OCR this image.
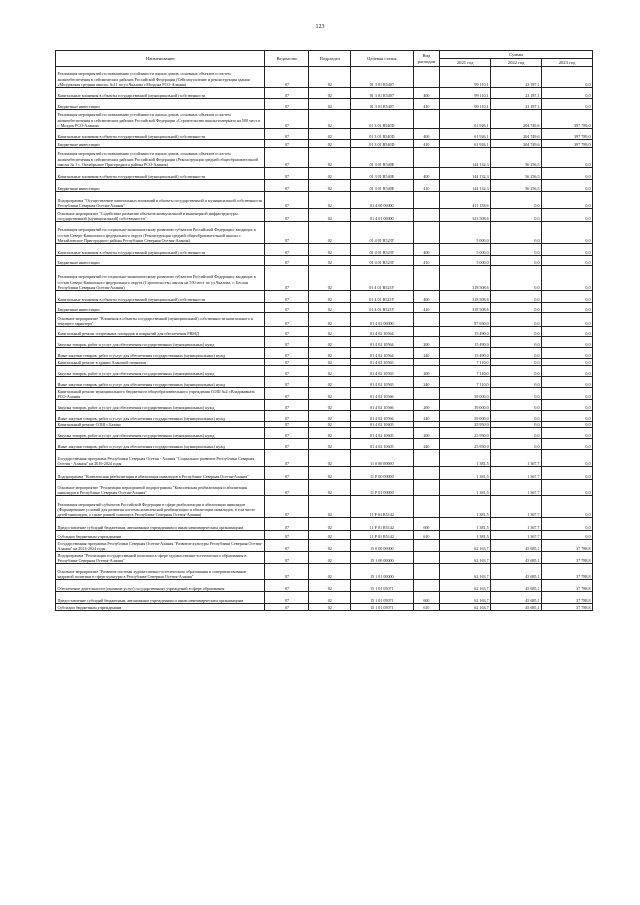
123
Наименование	Ведомство	Подраздел	Целевая статья	Вид расходов	Суммы		
					2021 год	2022 год	2023 год
Реализация мероприятий по повышению устойчивости жилых домов, основных объектов и систем жизнеобеспечения в сейсмических районах Российской Федерации (Сейсмоусиление и реконструкция здания «Моздокская средняя школа» №11 по ул.Чкалова г.Моздока РСО-Алания)	07	02	01 3 01 R5407		99 110,1	23 187,1	0,0
Капитальные вложения в объекты государственной (муниципальной) собственности	07	02	01 3 01 R5407	400	99 110,1	23 187,1	0,0
Бюджетные инвестиции	07	02	01 3 01 R5407	410	99 110,1	23 187,1	0,0
Реализация мероприятий по повышению устойчивости жилых домов, основных объектов и систем жизнеобеспечения в сейсмических районах Российской Федерации «Строительство школы-интерната на 500 мест в г. Моздок РСО-Алания»	07	02	01 3 01 R540D		61 926,1	204 749,6	397 789,0
Капитальные вложения в объекты государственной (муниципальной) собственности	07	02	01 3 01 R540D	400	61 926,1	204 749,6	397 789,0
Бюджетные инвестиции	07	02	01 3 01 R540D	410	61 926,1	204 749,6	397 789,0
Реализация мероприятий по повышению устойчивости жилых домов, основных объектов и систем жизнеобеспечения в сейсмических районах Российской Федерации (Реконструкция средней общеобразовательной школы № 1 с. Октябрьское Пригородного района РСО-Алания)	07	02	01 3 01 R540E		144 132,3	56 256,5	0,0
Капитальные вложения в объекты государственной (муниципальной) собственности	07	02	01 3 01 R540E	400	144 132,3	56 256,5	0,0
Бюджетные инвестиции	07	02	01 3 01 R540E	410	144 132,3	56 256,5	0,0
Подпрограмма "Осуществление капитальных вложений в объекты государственной и муниципальной собственности Республики Северная Осетия-Алания"	07	02	01 4 00 00000		411 158,6	0,0	0,0
Основное мероприятие "Содействие развитию объектов коммунальной и инженерной инфраструктуры государственной (муниципальной) собственности"	07	02	01 4 01 00000		323 508,6	0,0	0,0
Реализация мероприятий по социально-экономическому развитию субъектов Российской Федерации, входящих в состав Северо-Кавказского федерального округа (Реконструкция средней общеобразовательной школы с. Михайловское Пригородного района Республики Северная Осетия-Алания)	07	02	01 4 01 R523Т		5 000,0	0,0	0,0
Капитальные вложения в объекты государственной (муниципальной) собственности	07	02	01 4 01 R523Т	400	5 000,0	0,0	0,0
Бюджетные инвестиции	07	02	01 4 01 R523Т	410	5 000,0	0,0	0,0
Реализация мероприятий по социально-экономическому развитию субъектов Российской Федерации, входящих в состав Северо-Кавказского федерального округа (Строительство школы на 550 мест по ул.Чкалова, с. Беслан Республики Северная Осетия-Алания)	07	02	01 4 01 R523У		318 508,6	0,0	0,0
Капитальные вложения в объекты государственной (муниципальной) собственности	07	02	01 4 01 R523У	400	318 508,6	0,0	0,0
Бюджетные инвестиции	07	02	01 4 01 R523У	410	318 508,6	0,0	0,0
Основное мероприятие "Вложения в объекты государственной (муниципальной) собственности капитального и текущего характера"	07	02	01 4 02 00000		87 650,0	0,0	0,0
Капитальный ремонт спортивных площадок и покрытий для обеспечения РВМД	07	02	01 4 02 10564		15 490,0	0,0	0,0
Закупка товаров, работ и услуг для обеспечения государственных (муниципальных) нужд	07	02	01 4 02 10564	200	15 490,0	0,0	0,0
Иные закупки товаров, работ и услуг для обеспечения государственных (муниципальных) нужд	07	02	01 4 02 10564	240	15 490,0	0,0	0,0
Капитальный ремонт в здании Аланской гимназии	07	02	01 4 02 10565		7 110,0	0,0	0,0
Закупка товаров, работ и услуг для обеспечения государственных (муниципальных) нужд	07	02	01 4 02 10565	200	7 110,0	0,0	0,0
Иные закупки товаров, работ и услуг для обеспечения государственных (муниципальных) нужд	07	02	01 4 02 10565	240	7 110,0	0,0	0,0
Капитальный ремонт муниципального бюджетного общеобразовательного учреждения СОШ №2 г.Владикавказа РСО-Алания	07	02	01 4 02 10566		39 000,0	0,0	0,0
Закупка товаров, работ и услуг для обеспечения государственных (муниципальных) нужд	07	02	01 4 02 10566	200	39 000,0	0,0	0,0
Иные закупки товаров, работ и услуг для обеспечения государственных (муниципальных) нужд	07	02	01 4 02 10566	240	39 000,0	0,0	0,0
Капитальный ремонт СОШ с.Батако	07	02	01 4 02 10605		25 950,0	0,0	0,0
Закупка товаров, работ и услуг для обеспечения государственных (муниципальных) нужд	07	02	01 4 02 10605	200	25 950,0	0,0	0,0
Иные закупки товаров, работ и услуг для обеспечения государственных (муниципальных) нужд	07	02	01 4 02 10605	240	25 950,0	0,0	0,0
Государственная программа Республики Северная Осетия - Алания "Социальное развитие Республики Северная Осетия - Алания" на 2016-2024 годы	07	02	11 0 00 00000		1 381,5	1 367,7	0,0
Подпрограмма "Комплексная реабилитация и абилитация инвалидов в Республике Северная Осетия-Алания"	07	02	11 Р 00 00000		1 381,5	1 367,7	0,0
Основное мероприятие "Реализация мероприятий подпрограммы "Комплексная реабилитация и абилитация инвалидов в Республике Северная Осетия-Алания"	07	02	11 Р 01 00000		1 381,5	1 367,7	0,0
Реализация мероприятий субъектов Российской Федерации в сфере реабилитации и абилитации инвалидов (Формирование условий для развития системы комплексной реабилитации и абилитации инвалидов, в том числе детей-инвалидов, а также ранней помощи в Республике Северная Осетия-Алания)	07	02	11 Р 01 R5142		1 381,5	1 367,7	0,0
Предоставление субсидий бюджетным, автономным учреждениям и иным некоммерческим организациям	07	02	11 Р 01 R5142	600	1 381,5	1 367,7	0,0
Субсидии бюджетным учреждениям	07	02	11 Р 01 R5142	610	1 381,5	1 367,7	0,0
Государственная программа Республики Северная Осетия-Алания "Развитие культуры Республики Северная Осетия-Алания" на 2014-2024 годы	07	02	15 0 00 00000		62 163,7	45 685,1	37 788,8
Подпрограмма "Реализация государственной политики в сфере художественно-эстетического образования в Республике Северная Осетия-Алания"	07	02	15 1 00 00000		62 163,7	45 685,1	37 788,8
Основное мероприятие "Развитие системы художественно-эстетического образования и совершенствование кадровой политики в сфере культуры в Республике Северная Осетия-Алания"	07	02	15 1 01 00000		62 163,7	45 685,1	37 788,8
Обеспечение деятельности (оказание услуг) государственных учреждений в сфере образования	07	02	15 1 01 05071		62 163,7	45 685,1	37 788,8
Предоставление субсидий бюджетным, автономным учреждениям и иным некоммерческим организациям	07	02	15 1 01 05071	600	62 163,7	45 685,1	37 788,8
Субсидии бюджетным учреждениям	07	02	15 1 01 05071	610	62 163,7	45 685,1	37 788,8
